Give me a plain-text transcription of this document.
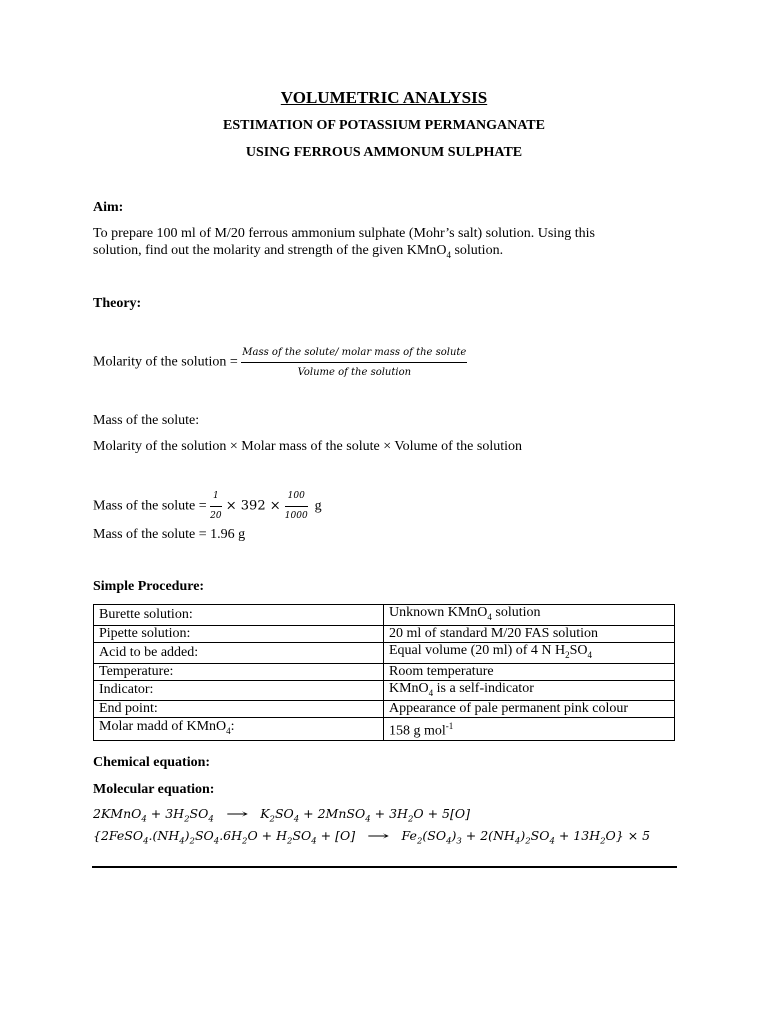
VOLUMETRIC ANALYSIS
ESTIMATION OF POTASSIUM PERMANGANATE
USING FERROUS AMMONUM SULPHATE
Aim:
To prepare 100 ml of M/20 ferrous ammonium sulphate (Mohr’s salt) solution. Using this
solution, find out the molarity and strength of the given KMnO$_4$ solution.
Theory:
Molarity of the solution = $\frac{\text{Mass of the solute/ molar mass of the solute}}{\text{Volume of the solution}}$
Mass of the solute:
Molarity of the solution × Molar mass of the solute × Volume of the solution
Mass of the solute = $\frac{1}{20} \times 392 \times \frac{100}{1000}$ g
Mass of the solute = 1.96 g
Simple Procedure:
Burette solution:	Unknown KMnO$_4$ solution
Pipette solution:	20 ml of standard M/20 FAS solution
Acid to be added:	Equal volume (20 ml) of 4 N $H_2SO_4$
Temperature:	Room temperature
Indicator:	KMnO$_4$ is a self-indicator
End point:	Appearance of pale permanent pink colour
Molar madd of KMnO$_4$:	158 g mol$^{-1}$
Chemical equation:
Molecular equation:
2KMnO$_4$ + $3H_2SO_4 \to K_2SO_4$ + 2MnSO$_4$ + $3H_2O + 5[O]$
$\{2FeSO_4.(NH_4)_2SO_4.6H_2O + H_2SO_4 + [O] \to Fe_2(SO_4)_3 + 2(NH_4)_2SO_4 + 13H_2O\} \times 5$
